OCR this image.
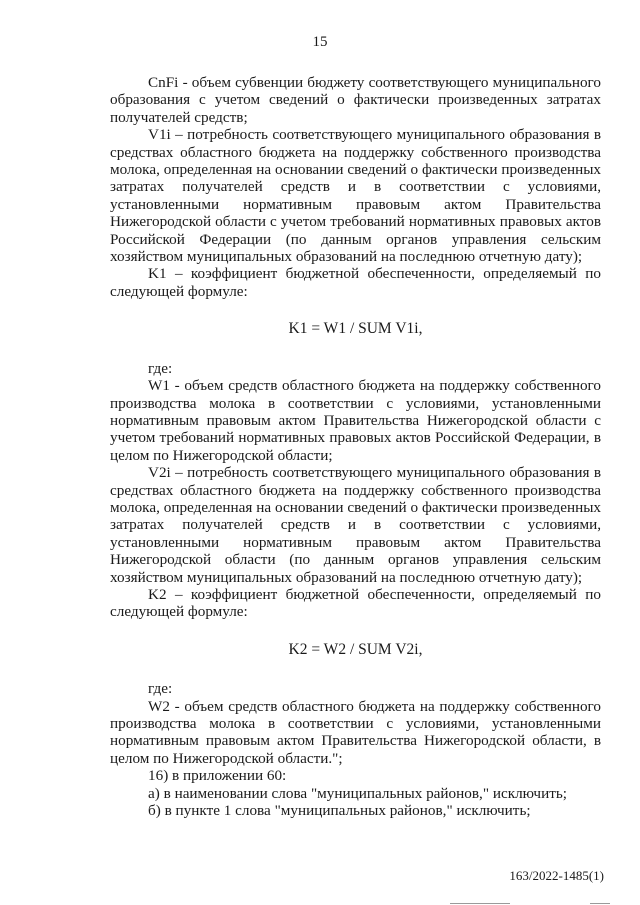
15

CnFi - объем субвенции бюджету соответствующего муниципального образования с учетом сведений о фактически произведенных затратах получателей средств;

V1i – потребность соответствующего муниципального образования в средствах областного бюджета на поддержку собственного производства молока, определенная на основании сведений о фактически произведенных затратах получателей средств и в соответствии с условиями, установленными нормативным правовым актом Правительства Нижегородской области с учетом требований нормативных правовых актов Российской Федерации (по данным органов управления сельским хозяйством муниципальных образований на последнюю отчетную дату);

K1 – коэффициент бюджетной обеспеченности, определяемый по следующей формуле:

K1 = W1 / SUM V1i,

где:

W1 - объем средств областного бюджета на поддержку собственного производства молока в соответствии с условиями, установленными нормативным правовым актом Правительства Нижегородской области с учетом требований нормативных правовых актов Российской Федерации, в целом по Нижегородской области;

V2i – потребность соответствующего муниципального образования в средствах областного бюджета на поддержку собственного производства молока, определенная на основании сведений о фактически произведенных затратах получателей средств и в соответствии с условиями, установленными нормативным правовым актом Правительства Нижегородской области (по данным органов управления сельским хозяйством муниципальных образований на последнюю отчетную дату);

K2 – коэффициент бюджетной обеспеченности, определяемый по следующей формуле:

K2 = W2 / SUM V2i,

где:

W2 - объем средств областного бюджета на поддержку собственного производства молока в соответствии с условиями, установленными нормативным правовым актом Правительства Нижегородской области, в целом по Нижегородской области.";

16) в приложении 60:

а) в наименовании слова "муниципальных районов," исключить;

б) в пункте 1 слова "муниципальных районов," исключить;

163/2022-1485(1)
